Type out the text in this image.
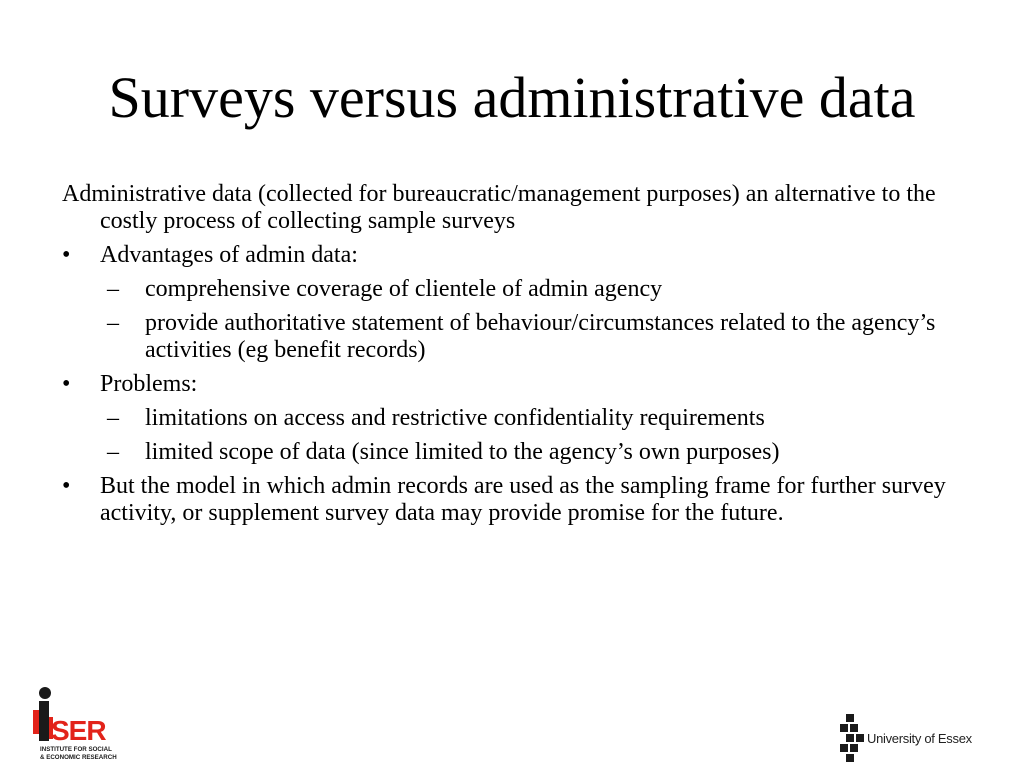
Surveys versus administrative data

Administrative data (collected for bureaucratic/management purposes) an alternative to the costly process of collecting sample surveys

• Advantages of admin data:
– comprehensive coverage of clientele of admin agency
– provide authoritative statement of behaviour/circumstances related to the agency’s activities (eg benefit records)
• Problems:
– limitations on access and restrictive confidentiality requirements
– limited scope of data (since limited to the agency’s own purposes)
• But the model in which admin records are used as the sampling frame for further survey activity, or supplement survey data may provide promise for the future.
SER
INSTITUTE FOR SOCIAL
& ECONOMIC RESEARCH
University of Essex
